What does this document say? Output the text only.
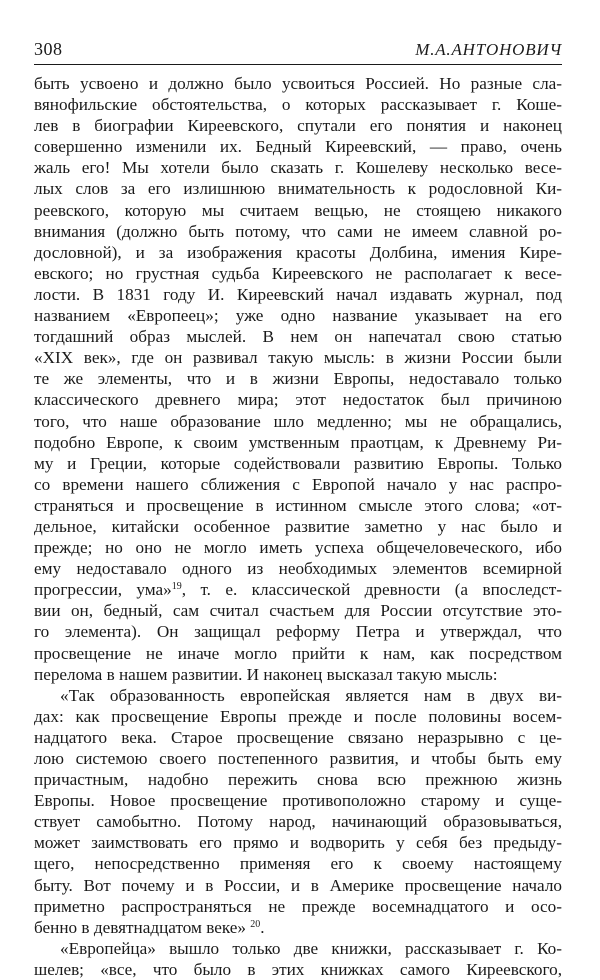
308	М.А.АНТОНОВИЧ
быть усвоено и должно было усвоиться Россией. Но разные сла-
вянофильские обстоятельства, о которых рассказывает г. Коше-
лев в биографии Киреевского, спутали его понятия и наконец
совершенно изменили их. Бедный Киреевский, — право, очень
жаль его! Мы хотели было сказать г. Кошелеву несколько весе-
лых слов за его излишнюю внимательность к родословной Ки-
реевского, которую мы считаем вещью, не стоящею никакого
внимания (должно быть потому, что сами не имеем славной ро-
дословной), и за изображения красоты Долбина, имения Кире-
евского; но грустная судьба Киреевского не располагает к весе-
лости. В 1831 году И. Киреевский начал издавать журнал, под
названием «Европеец»; уже одно название указывает на его
тогдашний образ мыслей. В нем он напечатал свою статью
«XIX век», где он развивал такую мысль: в жизни России были
те же элементы, что и в жизни Европы, недоставало только
классического древнего мира; этот недостаток был причиною
того, что наше образование шло медленно; мы не обращались,
подобно Европе, к своим умственным праотцам, к Древнему Ри-
му и Греции, которые содействовали развитию Европы. Только
со времени нашего сближения с Европой начало у нас распро-
страняться и просвещение в истинном смысле этого слова; «от-
дельное, китайски особенное развитие заметно у нас было и
прежде; но оно не могло иметь успеха общечеловеческого, ибо
ему недоставало одного из необходимых элементов всемирной
прогрессии, ума»$^{19}$, т. е. классической древности (а впоследст-
вии он, бедный, сам считал счастьем для России отсутствие это-
го элемента). Он защищал реформу Петра и утверждал, что
просвещение не иначе могло прийти к нам, как посредством
перелома в нашем развитии. И наконец высказал такую мысль:
«Так образованность европейская является нам в двух ви-
дах: как просвещение Европы прежде и после половины восем-
надцатого века. Старое просвещение связано неразрывно с це-
лою системою своего постепенного развития, и чтобы быть ему
причастным, надобно пережить снова всю прежнюю жизнь
Европы. Новое просвещение противоположно старому и суще-
ствует самобытно. Потому народ, начинающий образовываться,
может заимствовать его прямо и водворить у себя без предыду-
щего, непосредственно применяя его к своему настоящему
быту. Вот почему и в России, и в Америке просвещение начало
приметно распространяться не прежде восемнадцатого и осо-
бенно в девятнадцатом веке» $^{20}$.
«Европейца» вышло только две книжки, рассказывает г. Ко-
шелев; «все, что было в этих книжках самого Киреевского,
